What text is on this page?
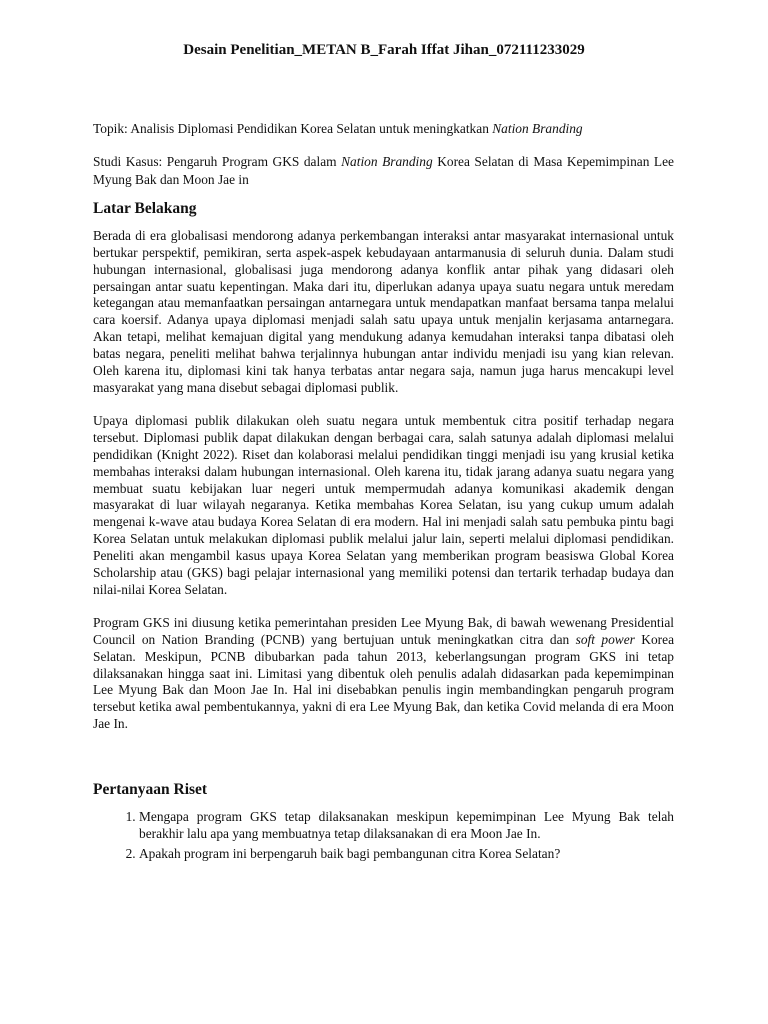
Desain Penelitian_METAN B_Farah Iffat Jihan_072111233029

Topik: Analisis Diplomasi Pendidikan Korea Selatan untuk meningkatkan Nation Branding

Studi Kasus: Pengaruh Program GKS dalam Nation Branding Korea Selatan di Masa Kepemimpinan Lee Myung Bak dan Moon Jae in

Latar Belakang

Berada di era globalisasi mendorong adanya perkembangan interaksi antar masyarakat internasional untuk bertukar perspektif, pemikiran, serta aspek-aspek kebudayaan antarmanusia di seluruh dunia. Dalam studi hubungan internasional, globalisasi juga mendorong adanya konflik antar pihak yang didasari oleh persaingan antar suatu kepentingan. Maka dari itu, diperlukan adanya upaya suatu negara untuk meredam ketegangan atau memanfaatkan persaingan antarnegara untuk mendapatkan manfaat bersama tanpa melalui cara koersif. Adanya upaya diplomasi menjadi salah satu upaya untuk menjalin kerjasama antarnegara. Akan tetapi, melihat kemajuan digital yang mendukung adanya kemudahan interaksi tanpa dibatasi oleh batas negara, peneliti melihat bahwa terjalinnya hubungan antar individu menjadi isu yang kian relevan. Oleh karena itu, diplomasi kini tak hanya terbatas antar negara saja, namun juga harus mencakupi level masyarakat yang mana disebut sebagai diplomasi publik.

Upaya diplomasi publik dilakukan oleh suatu negara untuk membentuk citra positif terhadap negara tersebut. Diplomasi publik dapat dilakukan dengan berbagai cara, salah satunya adalah diplomasi melalui pendidikan (Knight 2022). Riset dan kolaborasi melalui pendidikan tinggi menjadi isu yang krusial ketika membahas interaksi dalam hubungan internasional. Oleh karena itu, tidak jarang adanya suatu negara yang membuat suatu kebijakan luar negeri untuk mempermudah adanya komunikasi akademik dengan masyarakat di luar wilayah negaranya. Ketika membahas Korea Selatan, isu yang cukup umum adalah mengenai k-wave atau budaya Korea Selatan di era modern. Hal ini menjadi salah satu pembuka pintu bagi Korea Selatan untuk melakukan diplomasi publik melalui jalur lain, seperti melalui diplomasi pendidikan. Peneliti akan mengambil kasus upaya Korea Selatan yang memberikan program beasiswa Global Korea Scholarship atau (GKS) bagi pelajar internasional yang memiliki potensi dan tertarik terhadap budaya dan nilai-nilai Korea Selatan.

Program GKS ini diusung ketika pemerintahan presiden Lee Myung Bak, di bawah wewenang Presidential Council on Nation Branding (PCNB) yang bertujuan untuk meningkatkan citra dan soft power Korea Selatan. Meskipun, PCNB dibubarkan pada tahun 2013, keberlangsungan program GKS ini tetap dilaksanakan hingga saat ini. Limitasi yang dibentuk oleh penulis adalah didasarkan pada kepemimpinan Lee Myung Bak dan Moon Jae In. Hal ini disebabkan penulis ingin membandingkan pengaruh program tersebut ketika awal pembentukannya, yakni di era Lee Myung Bak, dan ketika Covid melanda di era Moon Jae In.

Pertanyaan Riset
1. Mengapa program GKS tetap dilaksanakan meskipun kepemimpinan Lee Myung Bak telah berakhir lalu apa yang membuatnya tetap dilaksanakan di era Moon Jae In.
2. Apakah program ini berpengaruh baik bagi pembangunan citra Korea Selatan?
